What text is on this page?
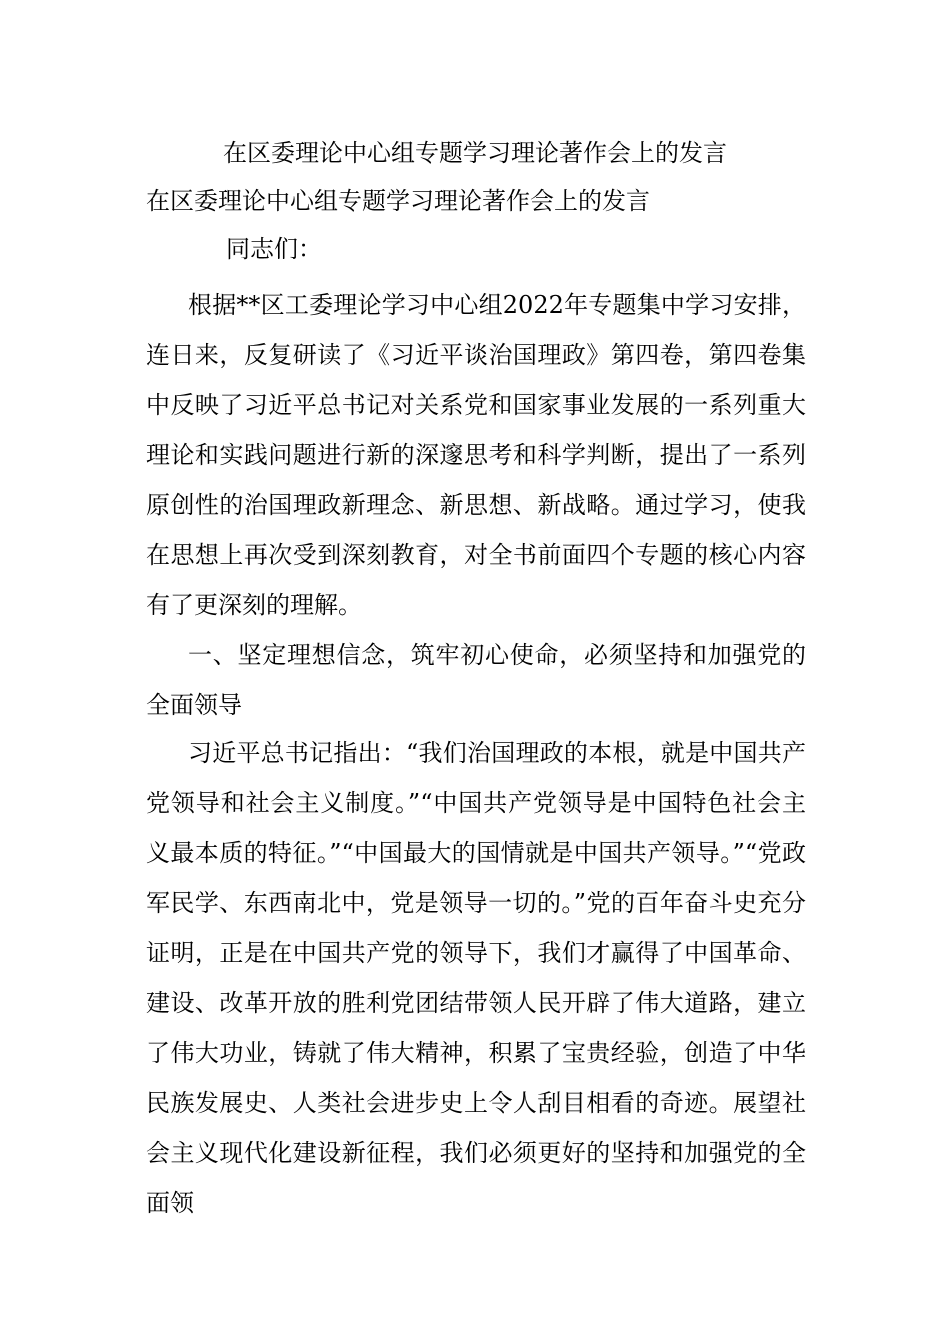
在区委理论中心组专题学习理论著作会上的发言
在区委理论中心组专题学习理论著作会上的发言
同志们：
根据**区工委理论学习中心组2022年专题集中学习安排，连日来，反复研读了《习近平谈治国理政》第四卷，第四卷集中反映了习近平总书记对关系党和国家事业发展的一系列重大理论和实践问题进行新的深邃思考和科学判断，提出了一系列原创性的治国理政新理念、新思想、新战略。通过学习，使我在思想上再次受到深刻教育，对全书前面四个专题的核心内容有了更深刻的理解。
一、坚定理想信念，筑牢初心使命，必须坚持和加强党的全面领导
习近平总书记指出：“我们治国理政的本根，就是中国共产党领导和社会主义制度。”“中国共产党领导是中国特色社会主义最本质的特征。”“中国最大的国情就是中国共产领导。”“党政军民学、东西南北中，党是领导一切的。”党的百年奋斗史充分证明，正是在中国共产党的领导下，我们才赢得了中国革命、建设、改革开放的胜利党团结带领人民开辟了伟大道路，建立了伟大功业，铸就了伟大精神，积累了宝贵经验，创造了中华民族发展史、人类社会进步史上令人刮目相看的奇迹。展望社会主义现代化建设新征程，我们必须更好的坚持和加强党的全面领
